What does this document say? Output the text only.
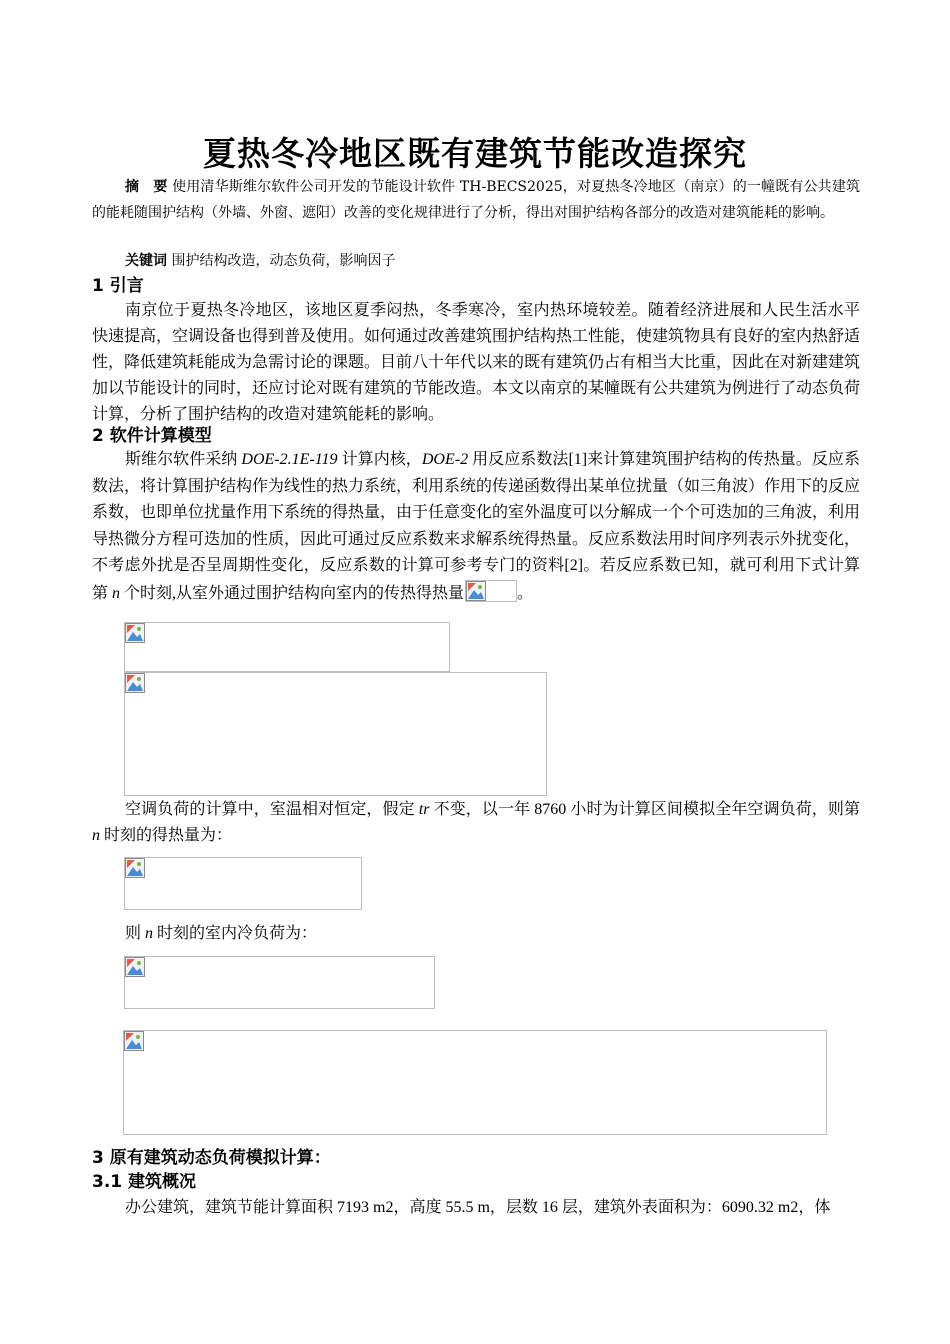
夏热冬冷地区既有建筑节能改造探究
摘　要 使用清华斯维尔软件公司开发的节能设计软件 TH-BECS2025，对夏热冬冷地区（南京）的一幢既有公共建筑的能耗随围护结构（外墙、外窗、遮阳）改善的变化规律进行了分析，得出对围护结构各部分的改造对建筑能耗的影响。
关键词 围护结构改造，动态负荷，影响因子
1 引言
南京位于夏热冬冷地区，该地区夏季闷热，冬季寒冷，室内热环境较差。随着经济进展和人民生活水平快速提高，空调设备也得到普及使用。如何通过改善建筑围护结构热工性能，使建筑物具有良好的室内热舒适性，降低建筑耗能成为急需讨论的课题。目前八十年代以来的既有建筑仍占有相当大比重，因此在对新建建筑加以节能设计的同时，还应讨论对既有建筑的节能改造。本文以南京的某幢既有公共建筑为例进行了动态负荷计算，分析了围护结构的改造对建筑能耗的影响。
2 软件计算模型
斯维尔软件采纳 DOE-2.1E-119 计算内核，DOE-2 用反应系数法[1]来计算建筑围护结构的传热量。反应系数法，将计算围护结构作为线性的热力系统，利用系统的传递函数得出某单位扰量（如三角波）作用下的反应系数，也即单位扰量作用下系统的得热量，由于任意变化的室外温度可以分解成一个个可迭加的三角波，利用导热微分方程可迭加的性质，因此可通过反应系数来求解系统得热量。反应系数法用时间序列表示外扰变化，不考虑外扰是否呈周期性变化，反应系数的计算可参考专门的资料[2]。若反应系数已知，就可利用下式计算第 n 个时刻,从室外通过围护结构向室内的传热得热量	。
空调负荷的计算中，室温相对恒定，假定 tr 不变，以一年 8760 小时为计算区间模拟全年空调负荷，则第 n 时刻的得热量为：
则 n 时刻的室内冷负荷为：
3 原有建筑动态负荷模拟计算：
3.1 建筑概况
办公建筑，建筑节能计算面积 7193 m2，高度 55.5 m，层数 16 层，建筑外表面积为：6090.32 m2，体
